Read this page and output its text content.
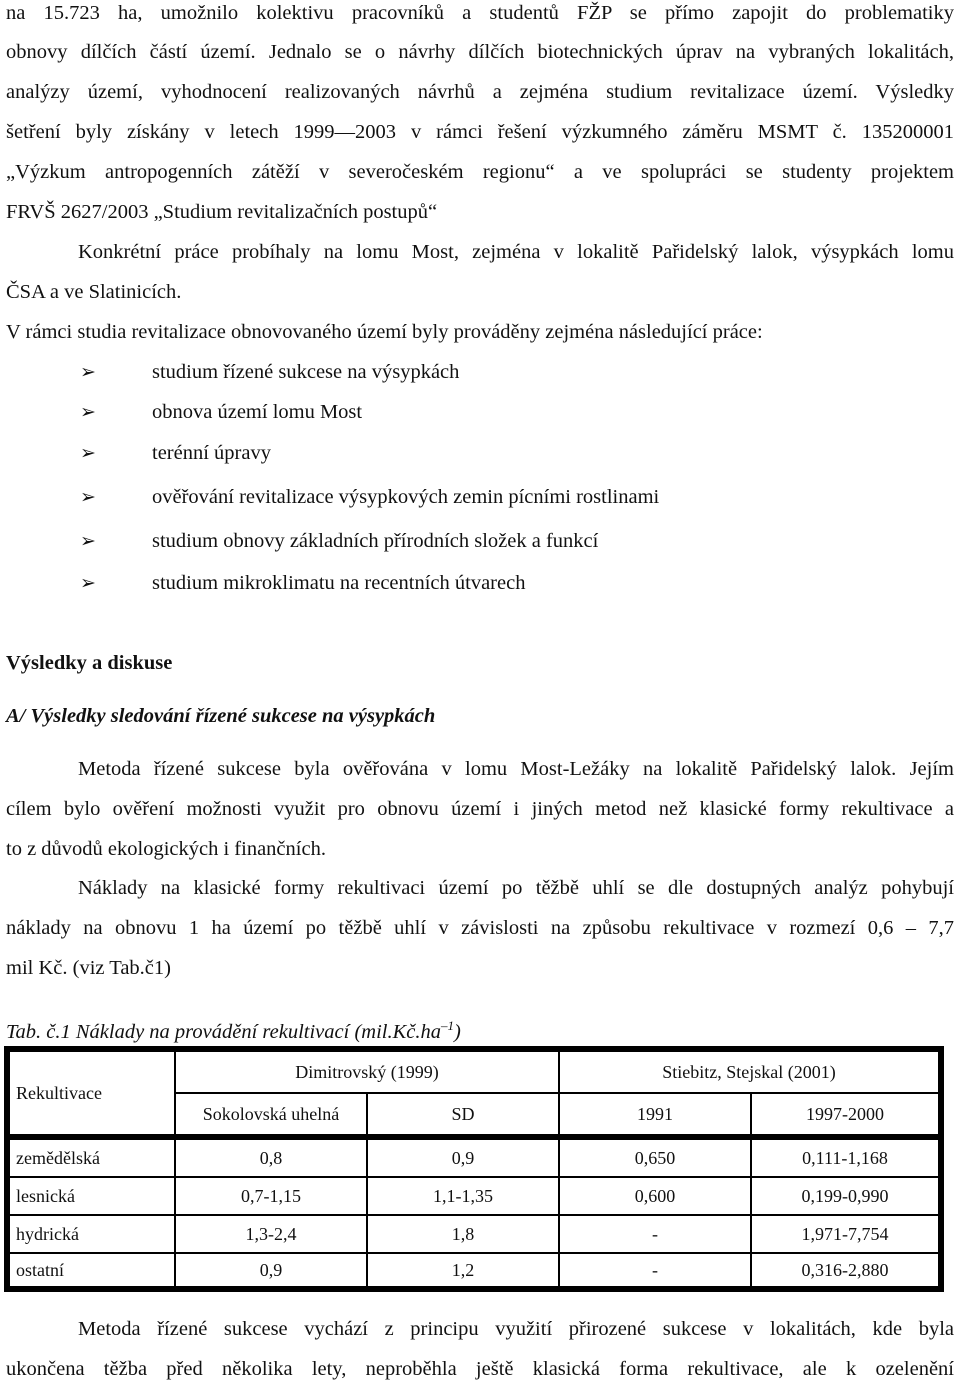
na 15.723 ha, umožnilo kolektivu pracovníků a studentů FŽP se přímo zapojit do problematiky
obnovy dílčích částí území. Jednalo se o návrhy dílčích biotechnických úprav na vybraných lokalitách,
analýzy území, vyhodnocení realizovaných návrhů a zejména studium revitalizace území. Výsledky
šetření byly získány v letech 1999—2003 v rámci řešení výzkumného záměru MSMT č. 135200001
„Výzkum antropogenních zátěží v severočeském regionu“ a ve spolupráci se studenty projektem
FRVŠ 2627/2003 „Studium revitalizačních postupů“
Konkrétní práce probíhaly na lomu Most, zejména v lokalitě Pařidelský lalok, výsypkách lomu
ČSA a ve Slatinicích.
V rámci studia revitalizace obnovovaného území byly prováděny zejména následující práce:
➢	studium řízené sukcese na výsypkách
➢	obnova území lomu Most
➢	terénní úpravy
➢	ověřování revitalizace výsypkových zemin pícními rostlinami
➢	studium obnovy základních přírodních složek a funkcí
➢	studium mikroklimatu na recentních útvarech
Výsledky a diskuse
A/ Výsledky sledování řízené sukcese na výsypkách
Metoda řízené sukcese byla ověřována v lomu Most-Ležáky na lokalitě Pařidelský lalok. Jejím
cílem bylo ověření možnosti využit pro obnovu území i jiných metod než klasické formy rekultivace a
to z důvodů ekologických i finančních.
Náklady na klasické formy rekultivaci území po těžbě uhlí se dle dostupných analýz pohybují
náklady na obnovu 1 ha území po těžbě uhlí v závislosti na způsobu rekultivace v rozmezí 0,6 – 7,7
mil Kč. (viz Tab.č1)
Tab. č.1 Náklady na provádění rekultivací $(mil.Kč.ha^{-1})$
Rekultivace
Dimitrovský (1999)	Stiebitz, Stejskal (2001)
Sokolovská uhelná	SD	1991	1997-2000
zemědělská	0,8	0,9	0,650	0,111-1,168
lesnická	0,7-1,15	1,1-1,35	0,600	0,199-0,990
hydrická	1,3-2,4	1,8	-	1,971-7,754
ostatní	0,9	1,2	-	0,316-2,880
Metoda řízené sukcese vychází z principu využití přirozené sukcese v lokalitách, kde byla
ukončena těžba před několika lety, neproběhla ještě klasická forma rekultivace, ale k ozelenění
